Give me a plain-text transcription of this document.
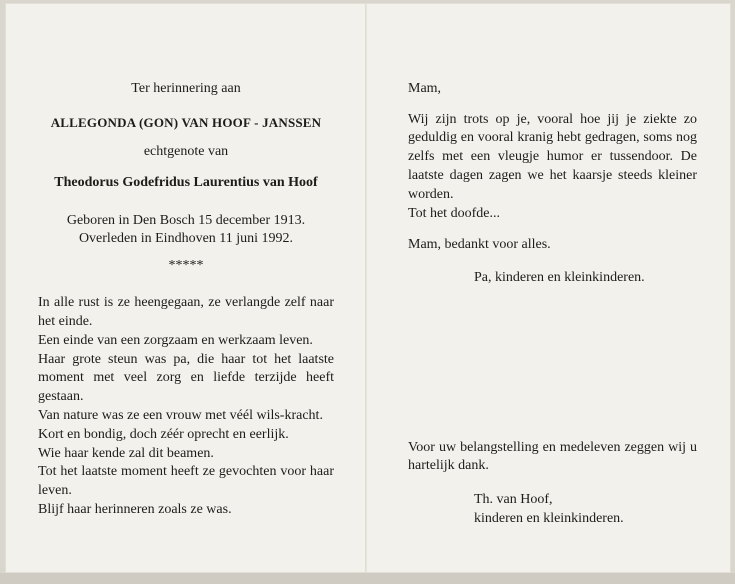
Ter herinnering aan
ALLEGONDA (GON) VAN HOOF - JANSSEN
echtgenote van
Theodorus Godefridus Laurentius van Hoof
Geboren in Den Bosch 15 december 1913.
Overleden in Eindhoven 11 juni 1992.
*****
In alle rust is ze heengegaan, ze verlangde zelf naar het einde.
Een einde van een zorgzaam en werkzaam leven.
Haar grote steun was pa, die haar tot het laatste moment met veel zorg en liefde terzijde heeft gestaan.
Van nature was ze een vrouw met véél wils-kracht.
Kort en bondig, doch zéér oprecht en eerlijk.
Wie haar kende zal dit beamen.
Tot het laatste moment heeft ze gevochten voor haar leven.
Blijf haar herinneren zoals ze was.
Mam,
Wij zijn trots op je, vooral hoe jij je ziekte zo geduldig en vooral kranig hebt gedragen, soms nog zelfs met een vleugje humor er tussendoor. De laatste dagen zagen we het kaarsje steeds kleiner worden.
Tot het doofde...
Mam, bedankt voor alles.
Pa, kinderen en kleinkinderen.
Voor uw belangstelling en medeleven zeggen wij u hartelijk dank.
Th. van Hoof,
kinderen en kleinkinderen.
